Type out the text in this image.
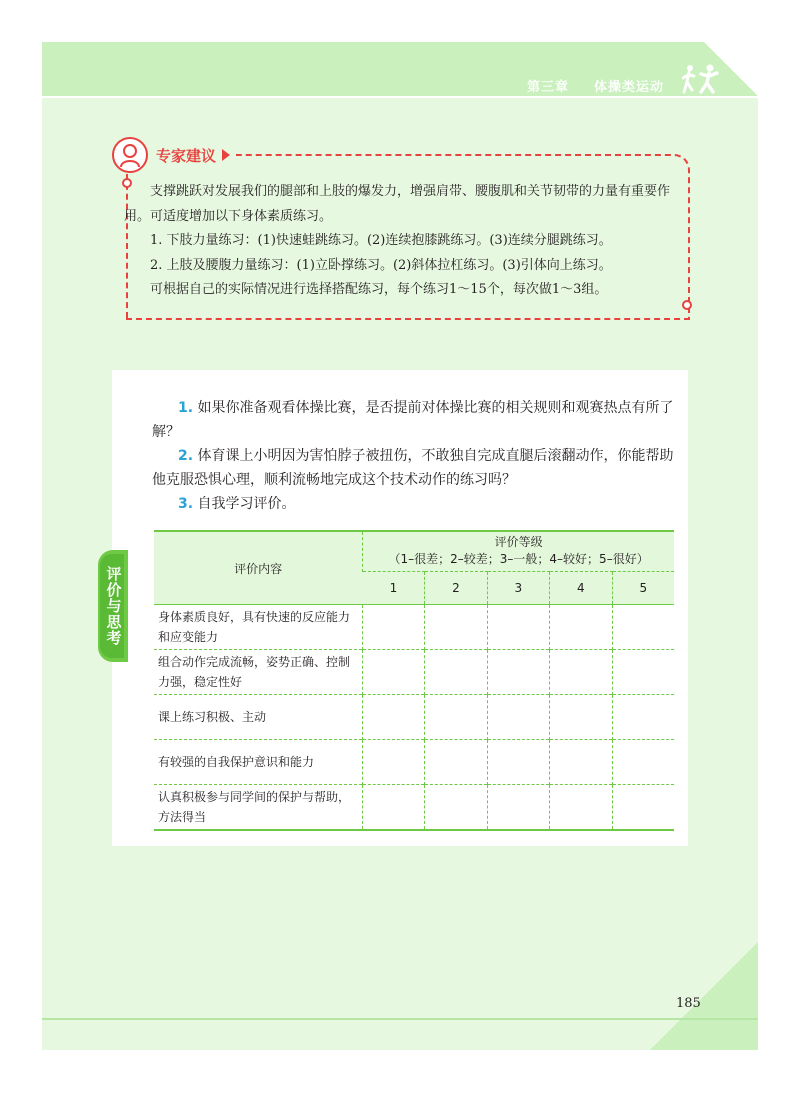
第三章 体操类运动
专家建议

支撑跳跃对发展我们的腿部和上肢的爆发力，增强肩带、腰腹肌和关节韧带的力量有重要作用。可适度增加以下身体素质练习。

1. 下肢力量练习：(1)快速蛙跳练习。(2)连续抱膝跳练习。(3)连续分腿跳练习。

2. 上肢及腰腹力量练习：(1)立卧撑练习。(2)斜体拉杠练习。(3)引体向上练习。

可根据自己的实际情况进行选择搭配练习，每个练习1～15个，每次做1～3组。

1. 如果你准备观看体操比赛，是否提前对体操比赛的相关规则和观赛热点有所了解？
2. 体育课上小明因为害怕脖子被扭伤，不敢独自完成直腿后滚翻动作，你能帮助他克服恐惧心理，顺利流畅地完成这个技术动作的练习吗？
3. 自我学习评价。
评价内容	评价等级
（1–很差；2–较差；3–一般；4–较好；5–很好）				

	1	2	3	4	5
身体素质良好，具有快速的反应能力和应变能力					
组合动作完成流畅，姿势正确、控制力强，稳定性好					
课上练习积极、主动					
有较强的自我保护意识和能力					
认真积极参与同学间的保护与帮助，方法得当					
评价与思考
185
